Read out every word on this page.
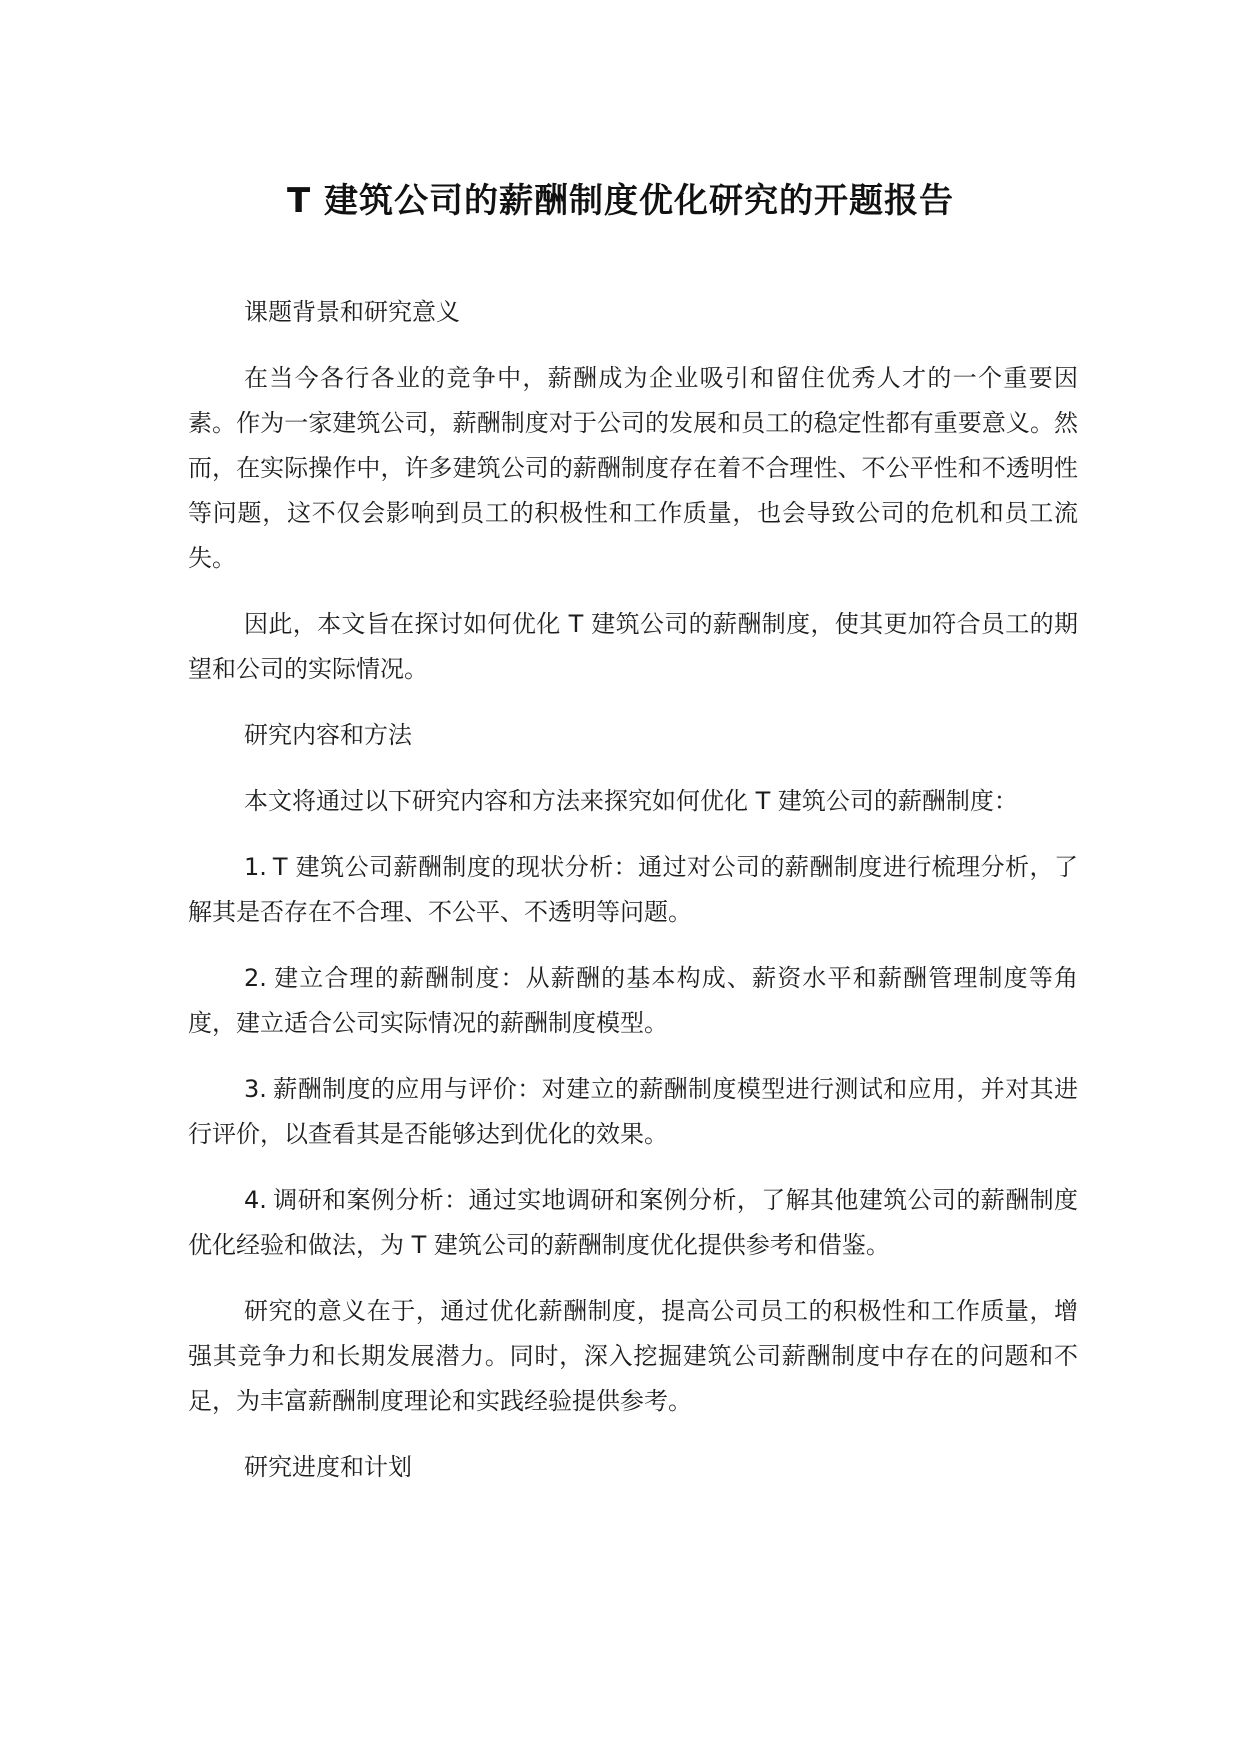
T 建筑公司的薪酬制度优化研究的开题报告
课题背景和研究意义

在当今各行各业的竞争中，薪酬成为企业吸引和留住优秀人才的一个重要因素。作为一家建筑公司，薪酬制度对于公司的发展和员工的稳定性都有重要意义。然而，在实际操作中，许多建筑公司的薪酬制度存在着不合理性、不公平性和不透明性等问题，这不仅会影响到员工的积极性和工作质量，也会导致公司的危机和员工流失。

因此，本文旨在探讨如何优化 T 建筑公司的薪酬制度，使其更加符合员工的期望和公司的实际情况。

研究内容和方法

本文将通过以下研究内容和方法来探究如何优化 T 建筑公司的薪酬制度：

1. T 建筑公司薪酬制度的现状分析：通过对公司的薪酬制度进行梳理分析，了解其是否存在不合理、不公平、不透明等问题。

2. 建立合理的薪酬制度：从薪酬的基本构成、薪资水平和薪酬管理制度等角度，建立适合公司实际情况的薪酬制度模型。

3. 薪酬制度的应用与评价：对建立的薪酬制度模型进行测试和应用，并对其进行评价，以查看其是否能够达到优化的效果。

4. 调研和案例分析：通过实地调研和案例分析，了解其他建筑公司的薪酬制度优化经验和做法，为 T 建筑公司的薪酬制度优化提供参考和借鉴。

研究的意义在于，通过优化薪酬制度，提高公司员工的积极性和工作质量，增强其竞争力和长期发展潜力。同时，深入挖掘建筑公司薪酬制度中存在的问题和不足，为丰富薪酬制度理论和实践经验提供参考。

研究进度和计划
